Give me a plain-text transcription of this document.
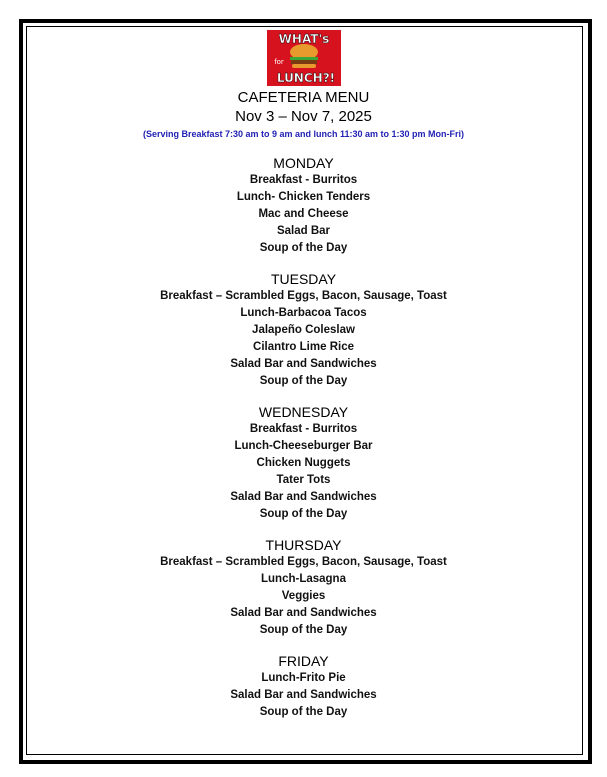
WHAT's
for
LUNCH?!
CAFETERIA MENU
Nov 3 – Nov 7, 2025
(Serving Breakfast 7:30 am to 9 am and lunch 11:30 am to 1:30 pm Mon-Fri)
MONDAY
Breakfast - Burritos
Lunch- Chicken Tenders
Mac and Cheese
Salad Bar
Soup of the Day
TUESDAY
Breakfast – Scrambled Eggs, Bacon, Sausage, Toast
Lunch-Barbacoa Tacos
Jalapeño Coleslaw
Cilantro Lime Rice
Salad Bar and Sandwiches
Soup of the Day
WEDNESDAY
Breakfast - Burritos
Lunch-Cheeseburger Bar
Chicken Nuggets
Tater Tots
Salad Bar and Sandwiches
Soup of the Day
THURSDAY
Breakfast – Scrambled Eggs, Bacon, Sausage, Toast
Lunch-Lasagna
Veggies
Salad Bar and Sandwiches
Soup of the Day
FRIDAY
Lunch-Frito Pie
Salad Bar and Sandwiches
Soup of the Day
